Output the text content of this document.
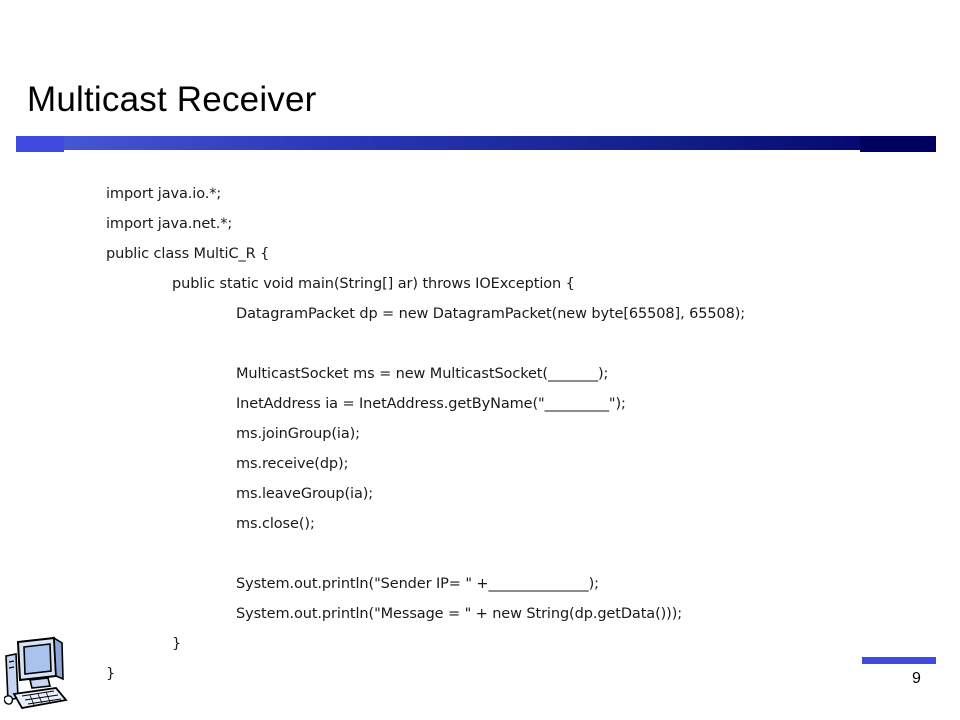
Multicast Receiver
import java.io.*;
import java.net.*;
public class MultiC_R {
public static void main(String[] ar) throws IOException {
DatagramPacket dp = new DatagramPacket(new byte[65508], 65508);
MulticastSocket ms = new MulticastSocket(_______);
InetAddress ia = InetAddress.getByName("_________");
ms.joinGroup(ia);
ms.receive(dp);
ms.leaveGroup(ia);
ms.close();
System.out.println("Sender IP= " +______________);
System.out.println("Message = " + new String(dp.getData()));
}
}	9
